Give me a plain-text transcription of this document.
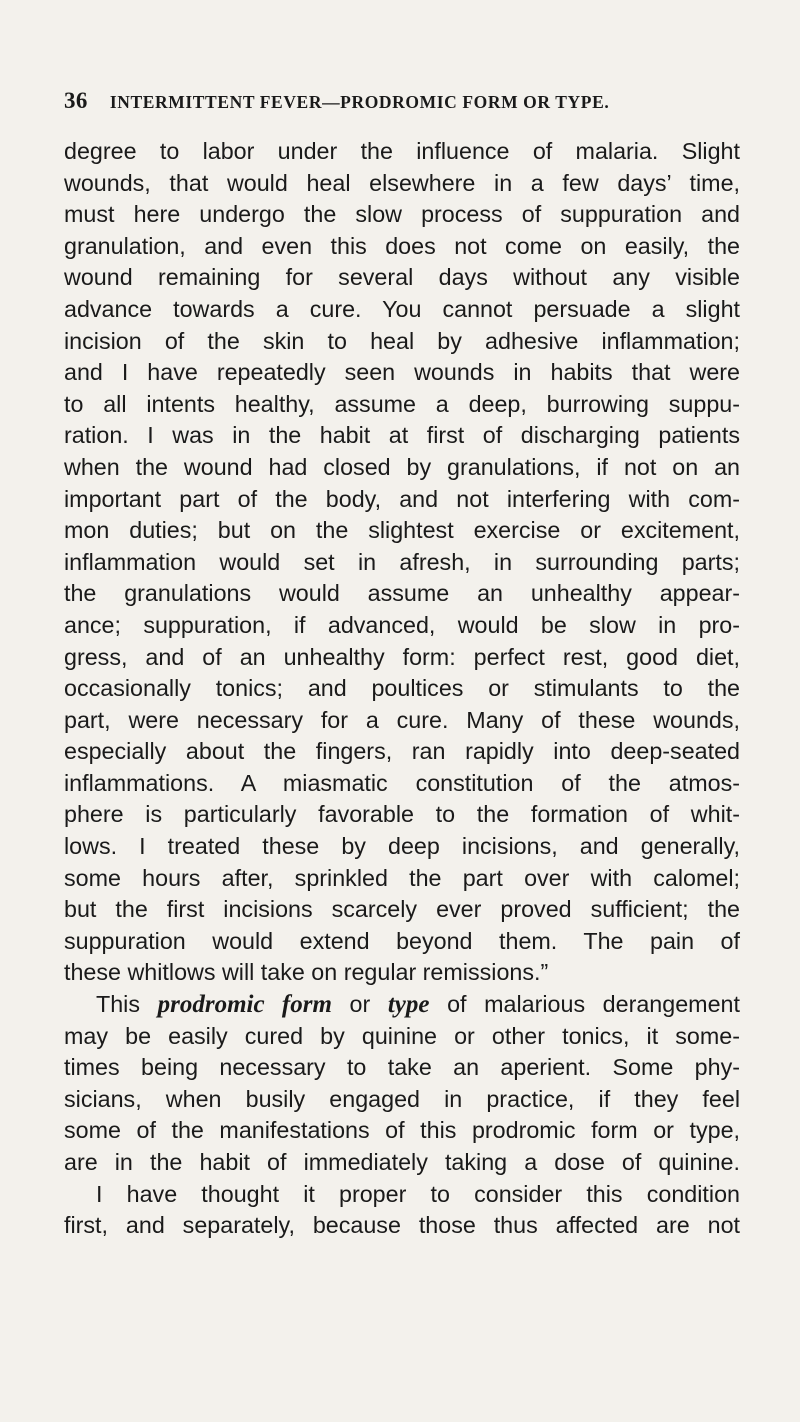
36 INTERMITTENT FEVER—PRODROMIC FORM OR TYPE.
degree to labor under the influence of malaria. Slight
wounds, that would heal elsewhere in a few days’ time,
must here undergo the slow process of suppuration and
granulation, and even this does not come on easily, the
wound remaining for several days without any visible
advance towards a cure. You cannot persuade a slight
incision of the skin to heal by adhesive inflammation;
and I have repeatedly seen wounds in habits that were
to all intents healthy, assume a deep, burrowing suppu-
ration. I was in the habit at first of discharging patients
when the wound had closed by granulations, if not on an
important part of the body, and not interfering with com-
mon duties; but on the slightest exercise or excitement,
inflammation would set in afresh, in surrounding parts;
the granulations would assume an unhealthy appear-
ance; suppuration, if advanced, would be slow in pro-
gress, and of an unhealthy form: perfect rest, good diet,
occasionally tonics; and poultices or stimulants to the
part, were necessary for a cure. Many of these wounds,
especially about the fingers, ran rapidly into deep-seated
inflammations. A miasmatic constitution of the atmos-
phere is particularly favorable to the formation of whit-
lows. I treated these by deep incisions, and generally,
some hours after, sprinkled the part over with calomel;
but the first incisions scarcely ever proved sufficient; the
suppuration would extend beyond them. The pain of
these whitlows will take on regular remissions.”
This prodromic form or type of malarious derangement
may be easily cured by quinine or other tonics, it some-
times being necessary to take an aperient. Some phy-
sicians, when busily engaged in practice, if they feel
some of the manifestations of this prodromic form or type,
are in the habit of immediately taking a dose of quinine.
I have thought it proper to consider this condition
first, and separately, because those thus affected are not
